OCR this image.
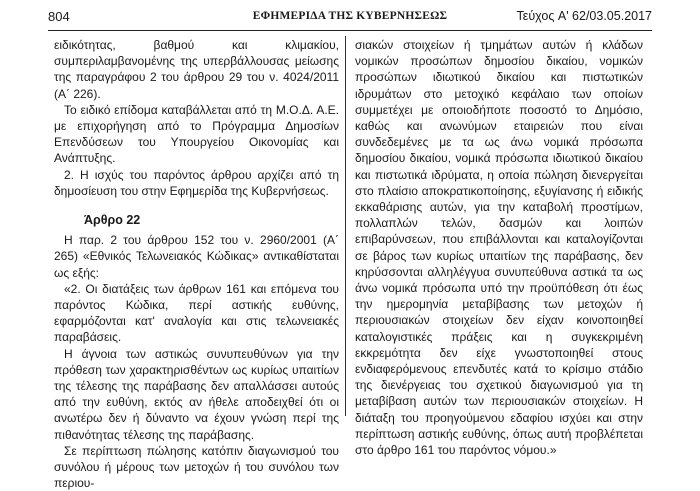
804	ΕΦΗΜΕΡΙΔΑ ΤΗΣ ΚΥΒΕΡΝΗΣΕΩΣ	Τεύχος A' 62/03.05.2017

ειδικότητας, βαθμού και κλιμακίου, συμπεριλαμβανομένης της υπερβάλλουσας μείωσης της παραγράφου 2 του άρθρου 29 του ν. 4024/2011 (Α΄ 226).

Το ειδικό επίδομα καταβάλλεται από τη Μ.Ο.Δ. Α.Ε. με επιχορήγηση από το Πρόγραμμα Δημοσίων Επενδύσεων του Υπουργείου Οικονομίας και Ανάπτυξης.

2. Η ισχύς του παρόντος άρθρου αρχίζει από τη δημοσίευση του στην Εφημερίδα της Κυβερνήσεως.

Άρθρο 22

Η παρ. 2 του άρθρου 152 του ν. 2960/2001 (Α΄ 265) «Εθνικός Τελωνειακός Κώδικας» αντικαθίσταται ως εξής:

«2. Οι διατάξεις των άρθρων 161 και επόμενα του παρόντος Κώδικα, περί αστικής ευθύνης, εφαρμόζονται κατ' αναλογία και στις τελωνειακές παραβάσεις.

Η άγνοια των αστικώς συνυπευθύνων για την πρόθεση των χαρακτηρισθέντων ως κυρίως υπαιτίων της τέλεσης της παράβασης δεν απαλλάσσει αυτούς από την ευθύνη, εκτός αν ήθελε αποδειχθεί ότι οι ανωτέρω δεν ή δύναντο να έχουν γνώση περί της πιθανότητας τέλεσης της παράβασης.

Σε περίπτωση πώλησης κατόπιν διαγωνισμού του συνόλου ή μέρους των μετοχών ή του συνόλου των περιου-

σιακών στοιχείων ή τμημάτων αυτών ή κλάδων νομικών προσώπων δημοσίου δικαίου, νομικών προσώπων ιδιωτικού δικαίου και πιστωτικών ιδρυμάτων στο μετοχικό κεφάλαιο των οποίων συμμετέχει με οποιοδήποτε ποσοστό το Δημόσιο, καθώς και ανωνύμων εταιρειών που είναι συνδεδεμένες με τα ως άνω νομικά πρόσωπα δημοσίου δικαίου, νομικά πρόσωπα ιδιωτικού δικαίου και πιστωτικά ιδρύματα, η οποία πώληση διενεργείται στο πλαίσιο αποκρατικοποίησης, εξυγίανσης ή ειδικής εκκαθάρισης αυτών, για την καταβολή προστίμων, πολλαπλών τελών, δασμών και λοιπών επιβαρύνσεων, που επιβάλλονται και καταλογίζονται σε βάρος των κυρίως υπαιτίων της παράβασης, δεν κηρύσσονται αλληλέγγυα συνυπεύθυνα αστικά τα ως άνω νομικά πρόσωπα υπό την προϋπόθεση ότι έως την ημερομηνία μεταβίβασης των μετοχών ή περιουσιακών στοιχείων δεν είχαν κοινοποιηθεί καταλογιστικές πράξεις και η συγκεκριμένη εκκρεμότητα δεν είχε γνωστοποιηθεί στους ενδιαφερόμενους επενδυτές κατά το κρίσιμο στάδιο της διενέργειας του σχετικού διαγωνισμού για τη μεταβίβαση αυτών των περιουσιακών στοιχείων. Η διάταξη του προηγούμενου εδαφίου ισχύει και στην περίπτωση αστικής ευθύνης, όπως αυτή προβλέπεται στο άρθρο 161 του παρόντος νόμου.»
